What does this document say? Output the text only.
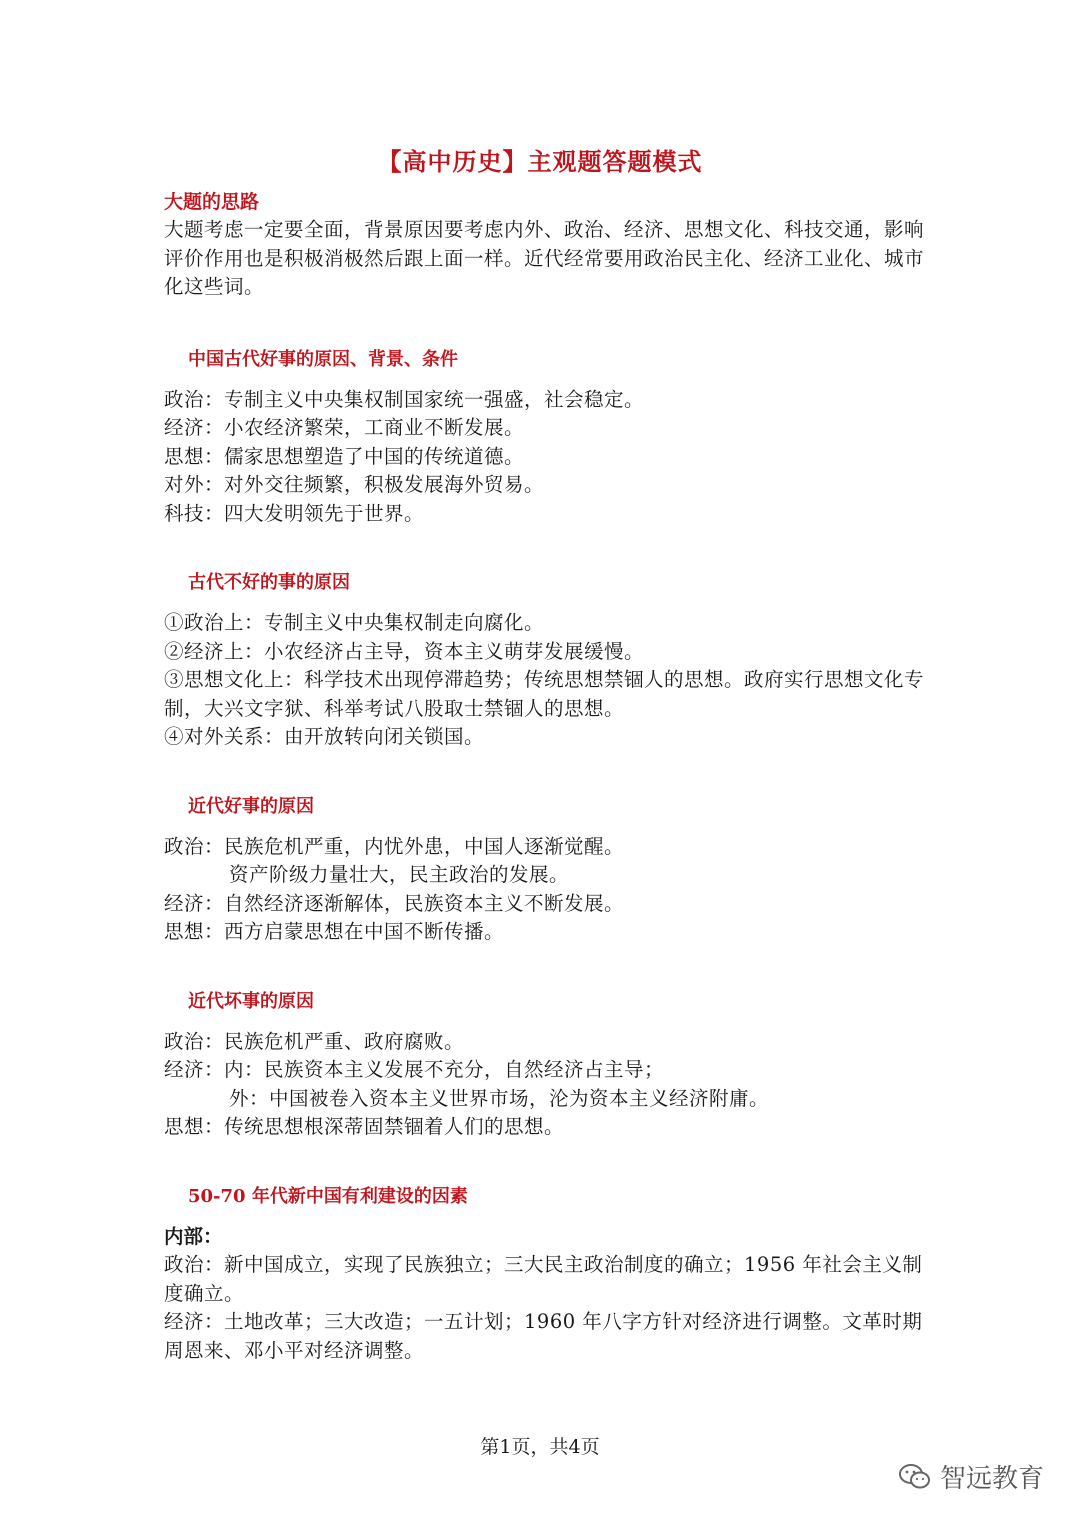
【高中历史】主观题答题模式

大题的思路

大题考虑一定要全面，背景原因要考虑内外、政治、经济、思想文化、科技交通，影响评价作用也是积极消极然后跟上面一样。近代经常要用政治民主化、经济工业化、城市化这些词。

中国古代好事的原因、背景、条件

政治：专制主义中央集权制国家统一强盛，社会稳定。

经济：小农经济繁荣，工商业不断发展。

思想：儒家思想塑造了中国的传统道德。

对外：对外交往频繁，积极发展海外贸易。

科技：四大发明领先于世界。

古代不好的事的原因

①政治上：专制主义中央集权制走向腐化。

②经济上：小农经济占主导，资本主义萌芽发展缓慢。

③思想文化上：科学技术出现停滞趋势；传统思想禁锢人的思想。政府实行思想文化专制，大兴文字狱、科举考试八股取士禁锢人的思想。

④对外关系：由开放转向闭关锁国。

近代好事的原因

政治：民族危机严重，内忧外患，中国人逐渐觉醒。

资产阶级力量壮大，民主政治的发展。

经济：自然经济逐渐解体，民族资本主义不断发展。

思想：西方启蒙思想在中国不断传播。

近代坏事的原因

政治：民族危机严重、政府腐败。

经济：内：民族资本主义发展不充分，自然经济占主导；

外：中国被卷入资本主义世界市场，沦为资本主义经济附庸。

思想：传统思想根深蒂固禁锢着人们的思想。

50-70 年代新中国有利建设的因素

内部：

政治：新中国成立，实现了民族独立；三大民主政治制度的确立；1956 年社会主义制度确立。

经济：土地改革；三大改造；一五计划；1960 年八字方针对经济进行调整。文革时期周恩来、邓小平对经济调整。

第1页，共4页
智远教育
